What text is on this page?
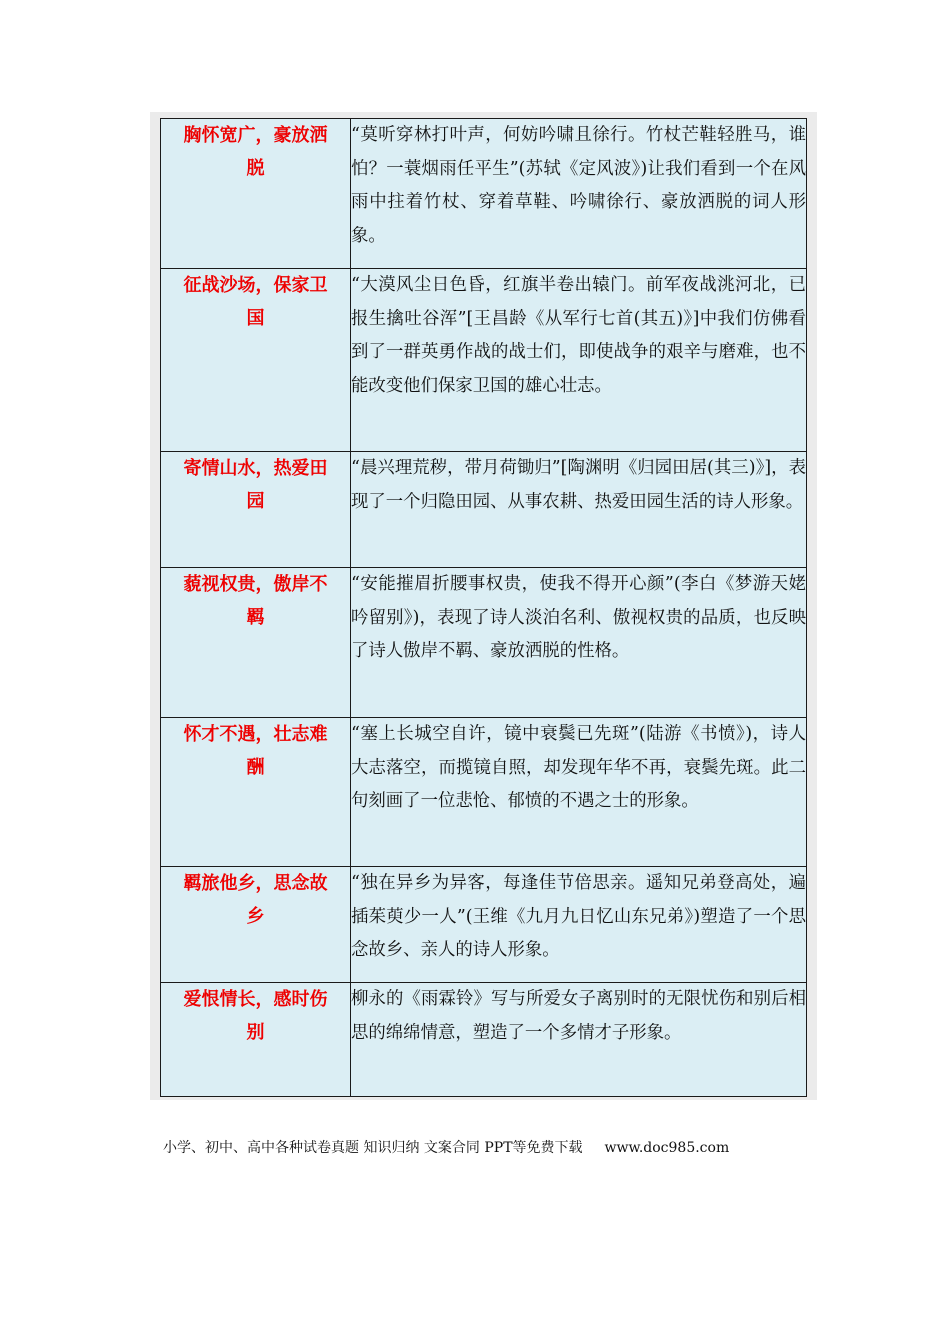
胸怀宽广，豪放洒脱	“莫听穿林打叶声，何妨吟啸且徐行。竹杖芒鞋轻胜马，谁怕？一蓑烟雨任平生”(苏轼《定风波》)让我们看到一个在风雨中拄着竹杖、穿着草鞋、吟啸徐行、豪放洒脱的词人形象。

征战沙场，保家卫国	“大漠风尘日色昏，红旗半卷出辕门。前军夜战洮河北，已报生擒吐谷浑”[王昌龄《从军行七首(其五)》]中我们仿佛看到了一群英勇作战的战士们，即使战争的艰辛与磨难，也不能改变他们保家卫国的雄心壮志。

寄情山水，热爱田园	“晨兴理荒秽，带月荷锄归”[陶渊明《归园田居(其三)》]，表现了一个归隐田园、从事农耕、热爱田园生活的诗人形象。

藐视权贵，傲岸不羁	“安能摧眉折腰事权贵，使我不得开心颜”(李白《梦游天姥吟留别》)，表现了诗人淡泊名利、傲视权贵的品质，也反映了诗人傲岸不羁、豪放洒脱的性格。

怀才不遇，壮志难酬	“塞上长城空自许，镜中衰鬓已先斑”(陆游《书愤》)，诗人大志落空，而揽镜自照，却发现年华不再，衰鬓先斑。此二句刻画了一位悲怆、郁愤的不遇之士的形象。

羁旅他乡，思念故乡	“独在异乡为异客，每逢佳节倍思亲。遥知兄弟登高处，遍插茱萸少一人”(王维《九月九日忆山东兄弟》)塑造了一个思念故乡、亲人的诗人形象。

爱恨情长，感时伤别	柳永的《雨霖铃》写与所爱女子离别时的无限忧伤和别后相思的绵绵情意，塑造了一个多情才子形象。
小学、初中、高中各种试卷真题 知识归纳 文案合同 PPT等免费下载 www.doc985.com
